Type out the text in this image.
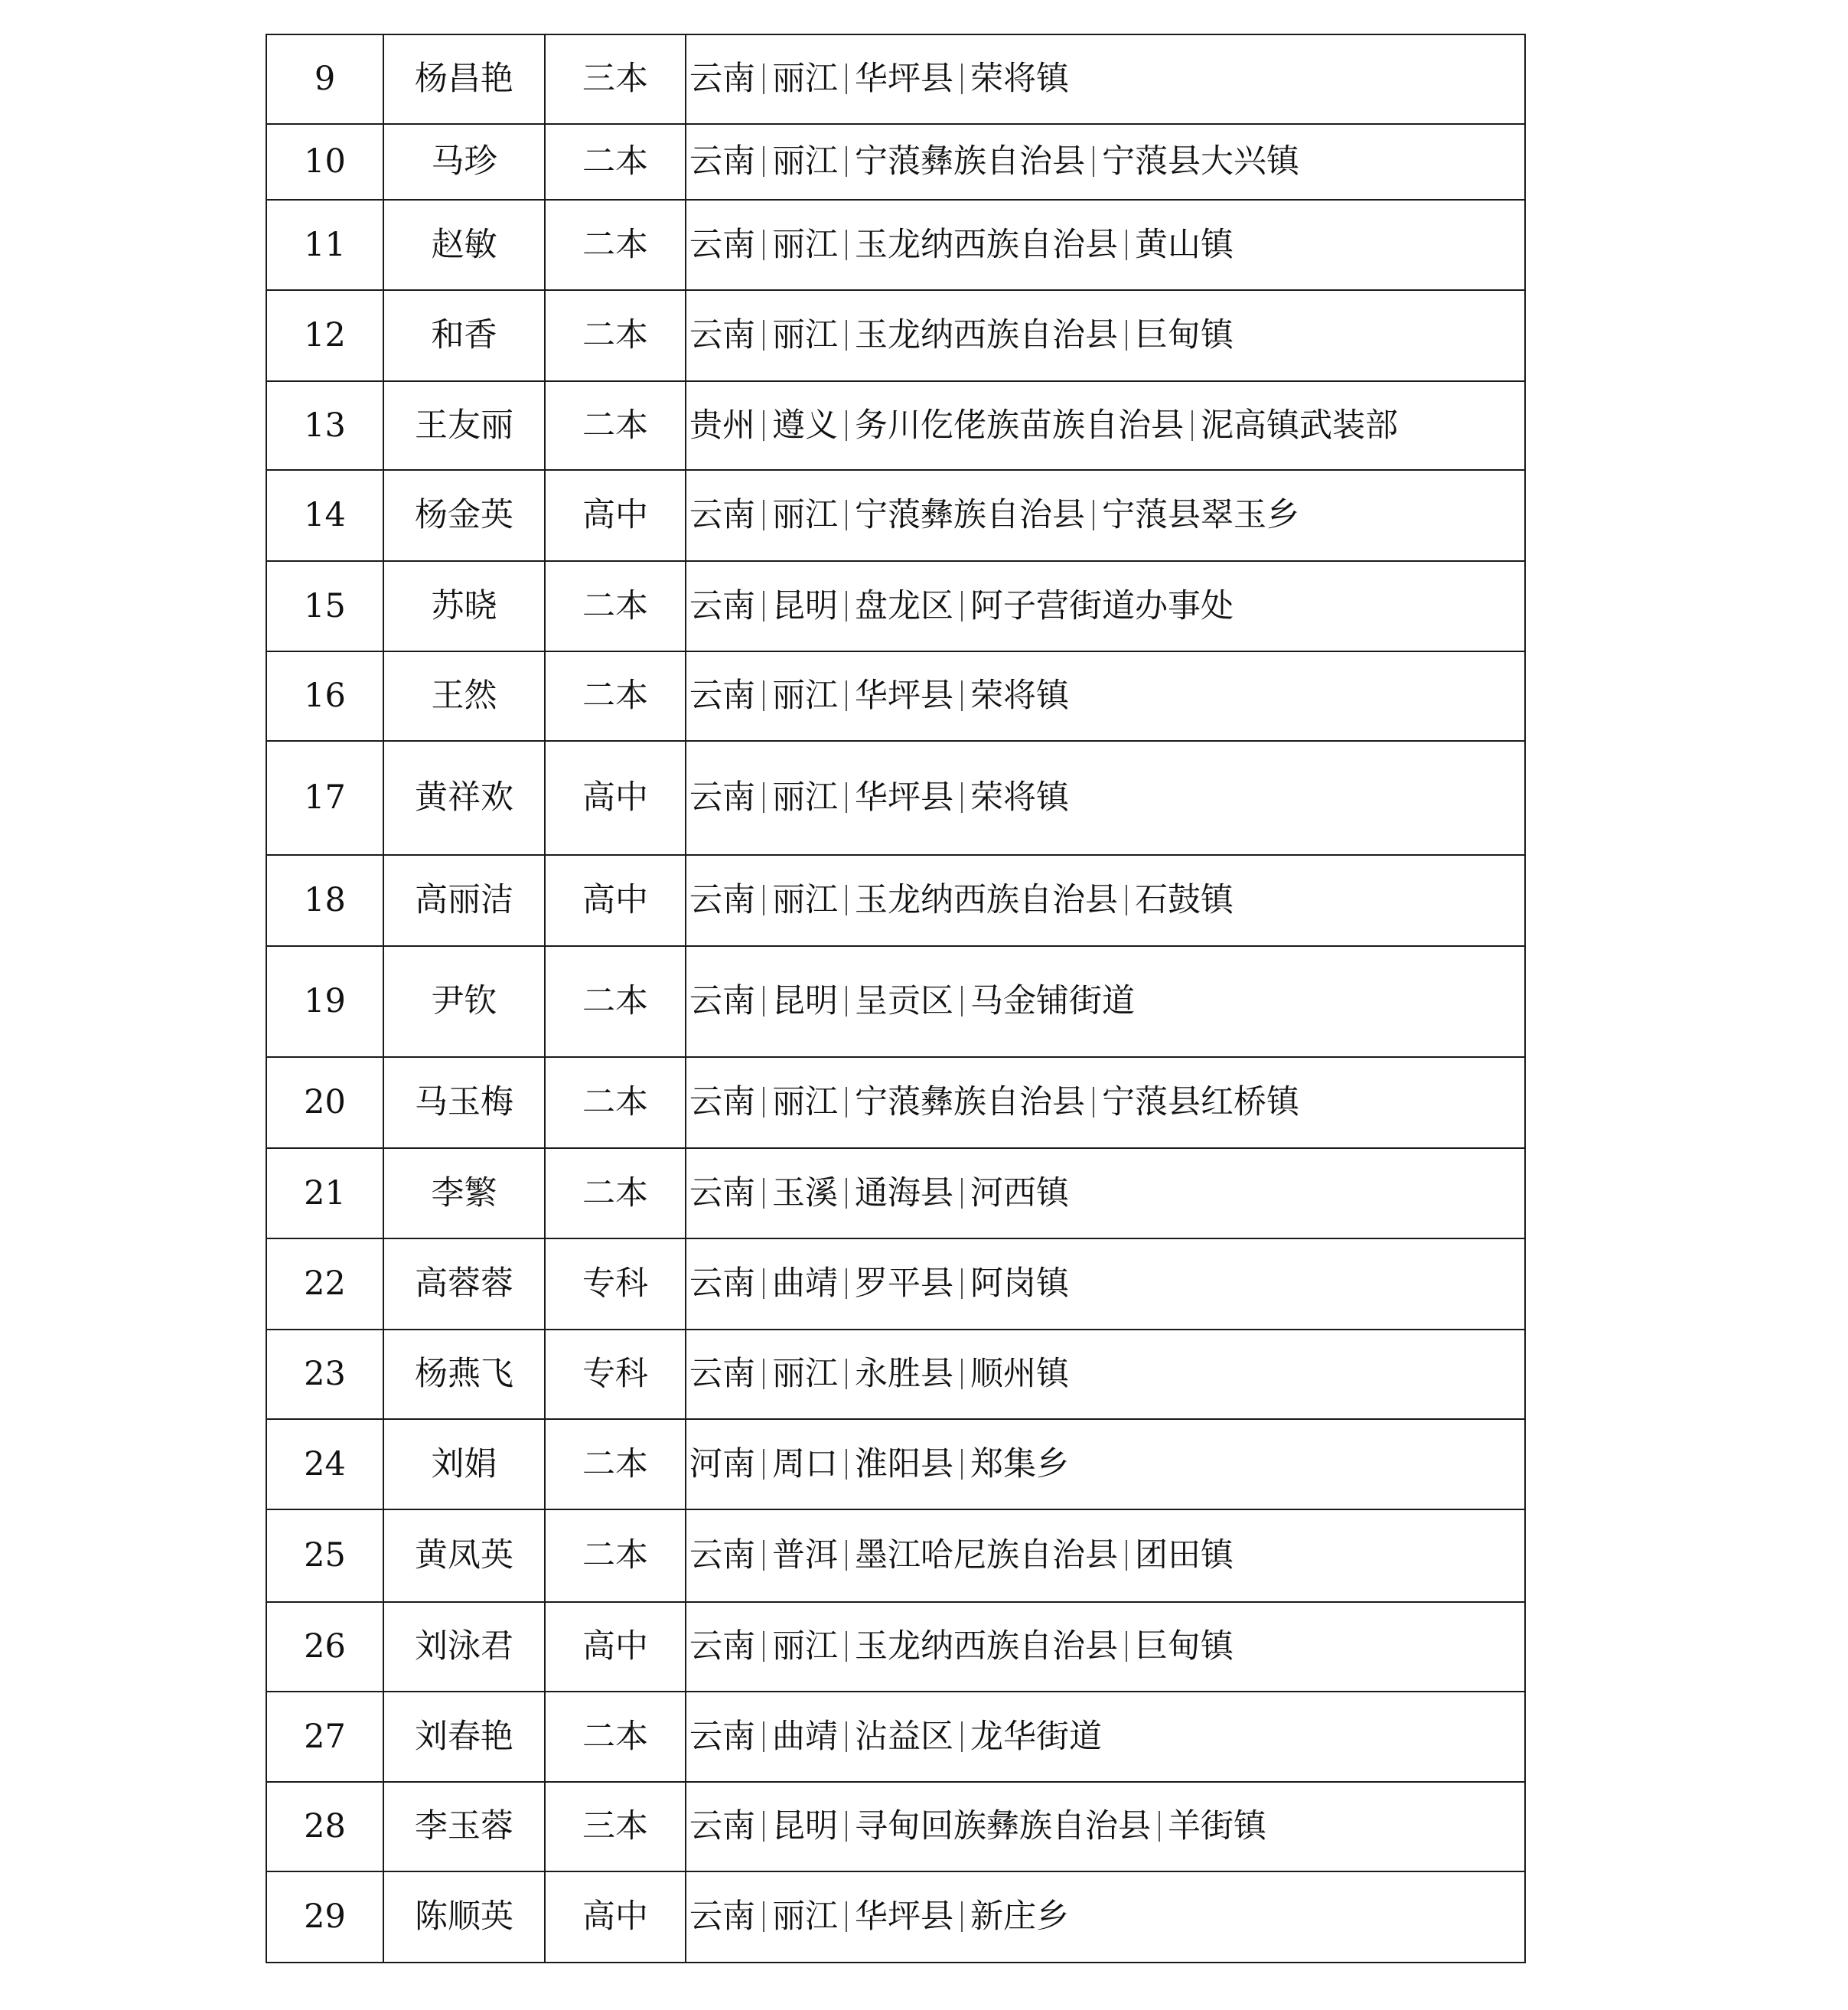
9	杨昌艳	三本	云南 丽江 华坪县 荣将镇
10	马珍	二本	云南 丽江 宁蒗彝族自治县 宁蒗县大兴镇
11	赵敏	二本	云南 丽江 玉龙纳西族自治县 黄山镇
12	和香	二本	云南 丽江 玉龙纳西族自治县 巨甸镇
13	王友丽	二本	贵州 遵义 务川仡佬族苗族自治县 泥高镇武装部
14	杨金英	高中	云南 丽江 宁蒗彝族自治县 宁蒗县翠玉乡
15	苏晓	二本	云南 昆明 盘龙区 阿子营街道办事处
16	王然	二本	云南 丽江 华坪县 荣将镇
17	黄祥欢	高中	云南 丽江 华坪县 荣将镇
18	高丽洁	高中	云南 丽江 玉龙纳西族自治县 石鼓镇
19	尹钦	二本	云南 昆明 呈贡区 马金铺街道
20	马玉梅	二本	云南 丽江 宁蒗彝族自治县 宁蒗县红桥镇
21	李繁	二本	云南 玉溪 通海县 河西镇
22	高蓉蓉	专科	云南 曲靖 罗平县 阿岗镇
23	杨燕飞	专科	云南 丽江 永胜县 顺州镇
24	刘娟	二本	河南 周口 淮阳县 郑集乡
25	黄凤英	二本	云南 普洱 墨江哈尼族自治县 团田镇
26	刘泳君	高中	云南 丽江 玉龙纳西族自治县 巨甸镇
27	刘春艳	二本	云南 曲靖 沾益区 龙华街道
28	李玉蓉	三本	云南 昆明 寻甸回族彝族自治县 羊街镇
29	陈顺英	高中	云南 丽江 华坪县 新庄乡
